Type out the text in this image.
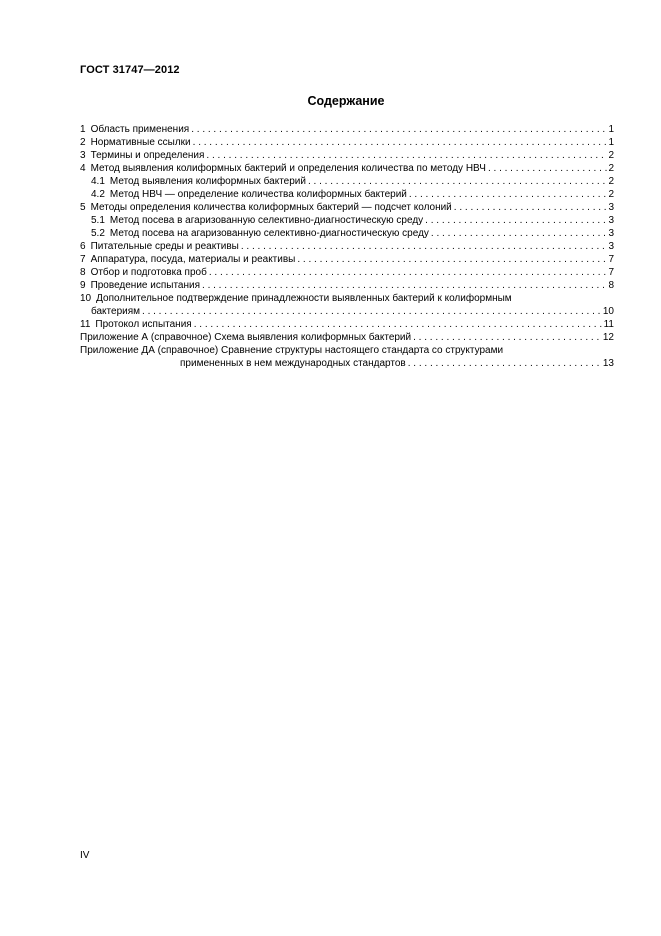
ГОСТ 31747—2012
Содержание
1 Область применения . . .	1
2 Нормативные ссылки . . .	1
3 Термины и определения . . .	2
4 Метод выявления колиформных бактерий и определения количества по методу НВЧ . . .	2
4.1 Метод выявления колиформных бактерий . . .	2
4.2 Метод НВЧ — определение количества колиформных бактерий . . .	2
5 Методы определения количества колиформных бактерий — подсчет колоний . . .	3
5.1 Метод посева в агаризованную селективно-диагностическую среду . . .	3
5.2 Метод посева на агаризованную селективно-диагностическую среду . . .	3
6 Питательные среды и реактивы . . .	3
7 Аппаратура, посуда, материалы и реактивы . . .	7
8 Отбор и подготовка проб . . .	7
9 Проведение испытания . . .	8
10 Дополнительное подтверждение принадлежности выявленных бактерий к колиформным
бактериям . . .	10
11 Протокол испытания . . .	11
Приложение А (справочное) Схема выявления колиформных бактерий . . .	12
Приложение ДА (справочное) Сравнение структуры настоящего стандарта со структурами
примененных в нем международных стандартов . . .	13
IV
